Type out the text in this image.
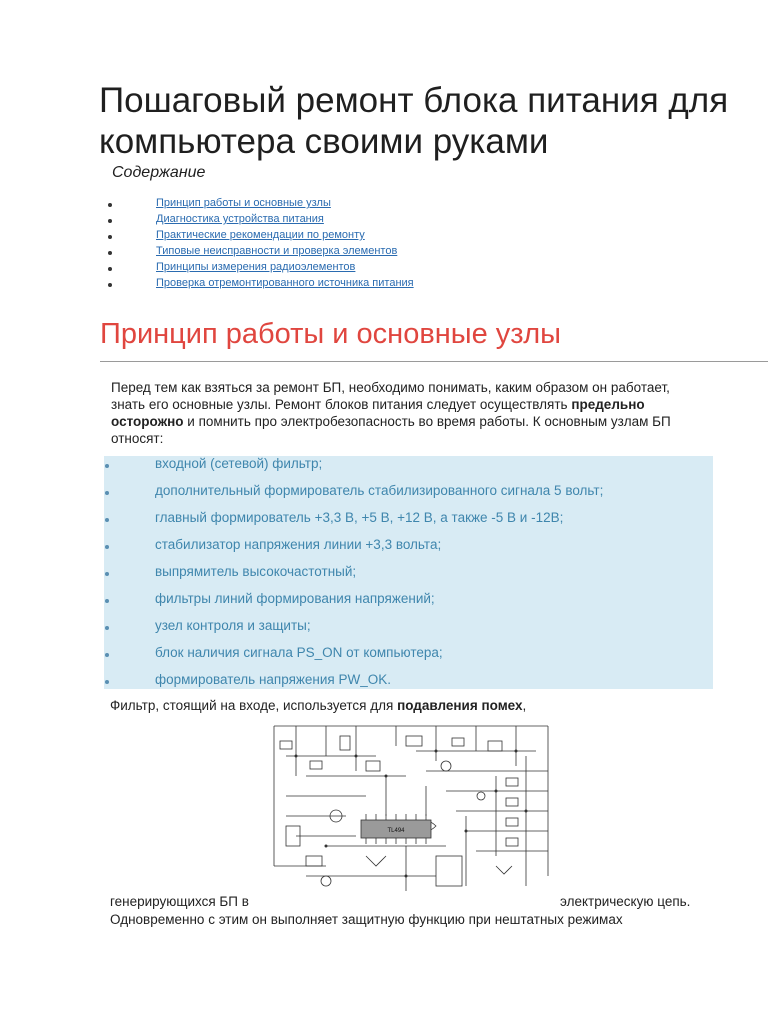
Пошаговый ремонт блока питания для компьютера своими руками
Содержание
Принцип работы и основные узлы
Диагностика устройства питания
Практические рекомендации по ремонту
Типовые неисправности и проверка элементов
Принципы измерения радиоэлементов
Проверка отремонтированного источника питания
Принцип работы и основные узлы

Перед тем как взяться за ремонт БП, необходимо понимать, каким образом он работает, знать его основные узлы. Ремонт блоков питания следует осуществлять предельно осторожно и помнить про электробезопасность во время работы. К основным узлам БП относят:

входной (сетевой) фильтр;
дополнительный формирователь стабилизированного сигнала 5 вольт;
главный формирователь +3,3 В, +5 В, +12 В, а также -5 В и -12В;
стабилизатор напряжения линии +3,3 вольта;
выпрямитель высокочастотный;
фильтры линий формирования напряжений;
узел контроля и защиты;
блок наличия сигнала PS_ON от компьютера;
формирователь напряжения PW_OK.

Фильтр, стоящий на входе, используется для подавления помех,

TL494

генерирующихся БП в	электрическую цепь.

Одновременно с этим он выполняет защитную функцию при нештатных режимах
